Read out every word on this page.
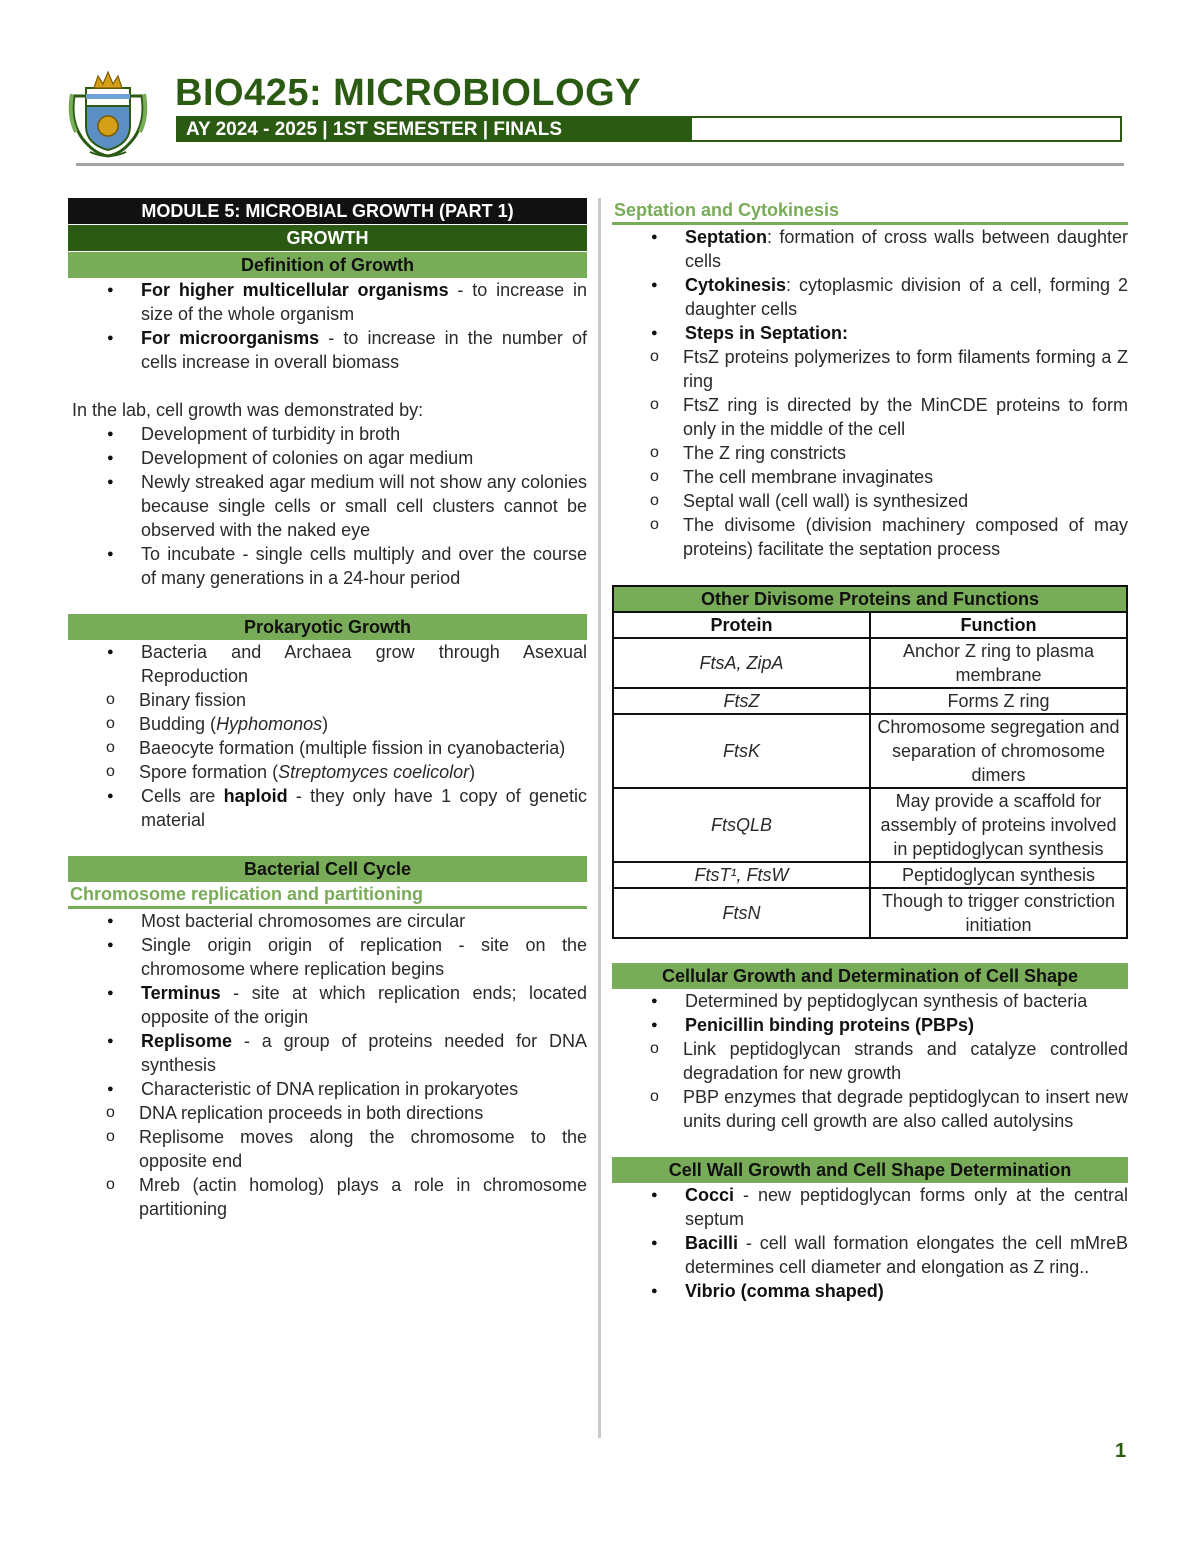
BIO425: MICROBIOLOGY
AY 2024 - 2025 | 1ST SEMESTER | FINALS
MODULE 5: MICROBIAL GROWTH (PART 1)
GROWTH
Definition of Growth
● For higher multicellular organisms - to increase in size of the whole organism
● For microorganisms - to increase in the number of cells increase in overall biomass
In the lab, cell growth was demonstrated by:
● Development of turbidity in broth
● Development of colonies on agar medium
● Newly streaked agar medium will not show any colonies because single cells or small cell clusters cannot be observed with the naked eye
● To incubate - single cells multiply and over the course of many generations in a 24-hour period
Prokaryotic Growth
● Bacteria and Archaea grow through Asexual Reproduction
o Binary fission
o Budding (Hyphomonos)
o Baeocyte formation (multiple fission in cyanobacteria)
o Spore formation (Streptomyces coelicolor)
● Cells are haploid - they only have 1 copy of genetic material
Bacterial Cell Cycle
Chromosome replication and partitioning
● Most bacterial chromosomes are circular
● Single origin origin of replication - site on the chromosome where replication begins
● Terminus - site at which replication ends; located opposite of the origin
● Replisome - a group of proteins needed for DNA synthesis
● Characteristic of DNA replication in prokaryotes
o DNA replication proceeds in both directions
o Replisome moves along the chromosome to the opposite end
o Mreb (actin homolog) plays a role in chromosome partitioning
Septation and Cytokinesis
● Septation: formation of cross walls between daughter cells
● Cytokinesis: cytoplasmic division of a cell, forming 2 daughter cells
● Steps in Septation:
o FtsZ proteins polymerizes to form filaments forming a Z ring
o FtsZ ring is directed by the MinCDE proteins to form only in the middle of the cell
o The Z ring constricts
o The cell membrane invaginates
o Septal wall (cell wall) is synthesized
o The divisome (division machinery composed of may proteins) facilitate the septation process
Other Divisome Proteins and Functions	
Protein	Function
FtsA, ZipA	Anchor Z ring to plasma membrane
FtsZ	Forms Z ring
FtsK	Chromosome segregation and separation of chromosome dimers
FtsQLB	May provide a scaffold for assembly of proteins involved in peptidoglycan synthesis
FtsT¹, FtsW	Peptidoglycan synthesis
FtsN	Though to trigger constriction initiation
Cellular Growth and Determination of Cell Shape
● Determined by peptidoglycan synthesis of bacteria
● Penicillin binding proteins (PBPs)
o Link peptidoglycan strands and catalyze controlled degradation for new growth
o PBP enzymes that degrade peptidoglycan to insert new units during cell growth are also called autolysins
Cell Wall Growth and Cell Shape Determination
● Cocci - new peptidoglycan forms only at the central septum
● Bacilli - cell wall formation elongates the cell mMreB determines cell diameter and elongation as Z ring..
● Vibrio (comma shaped)
1
